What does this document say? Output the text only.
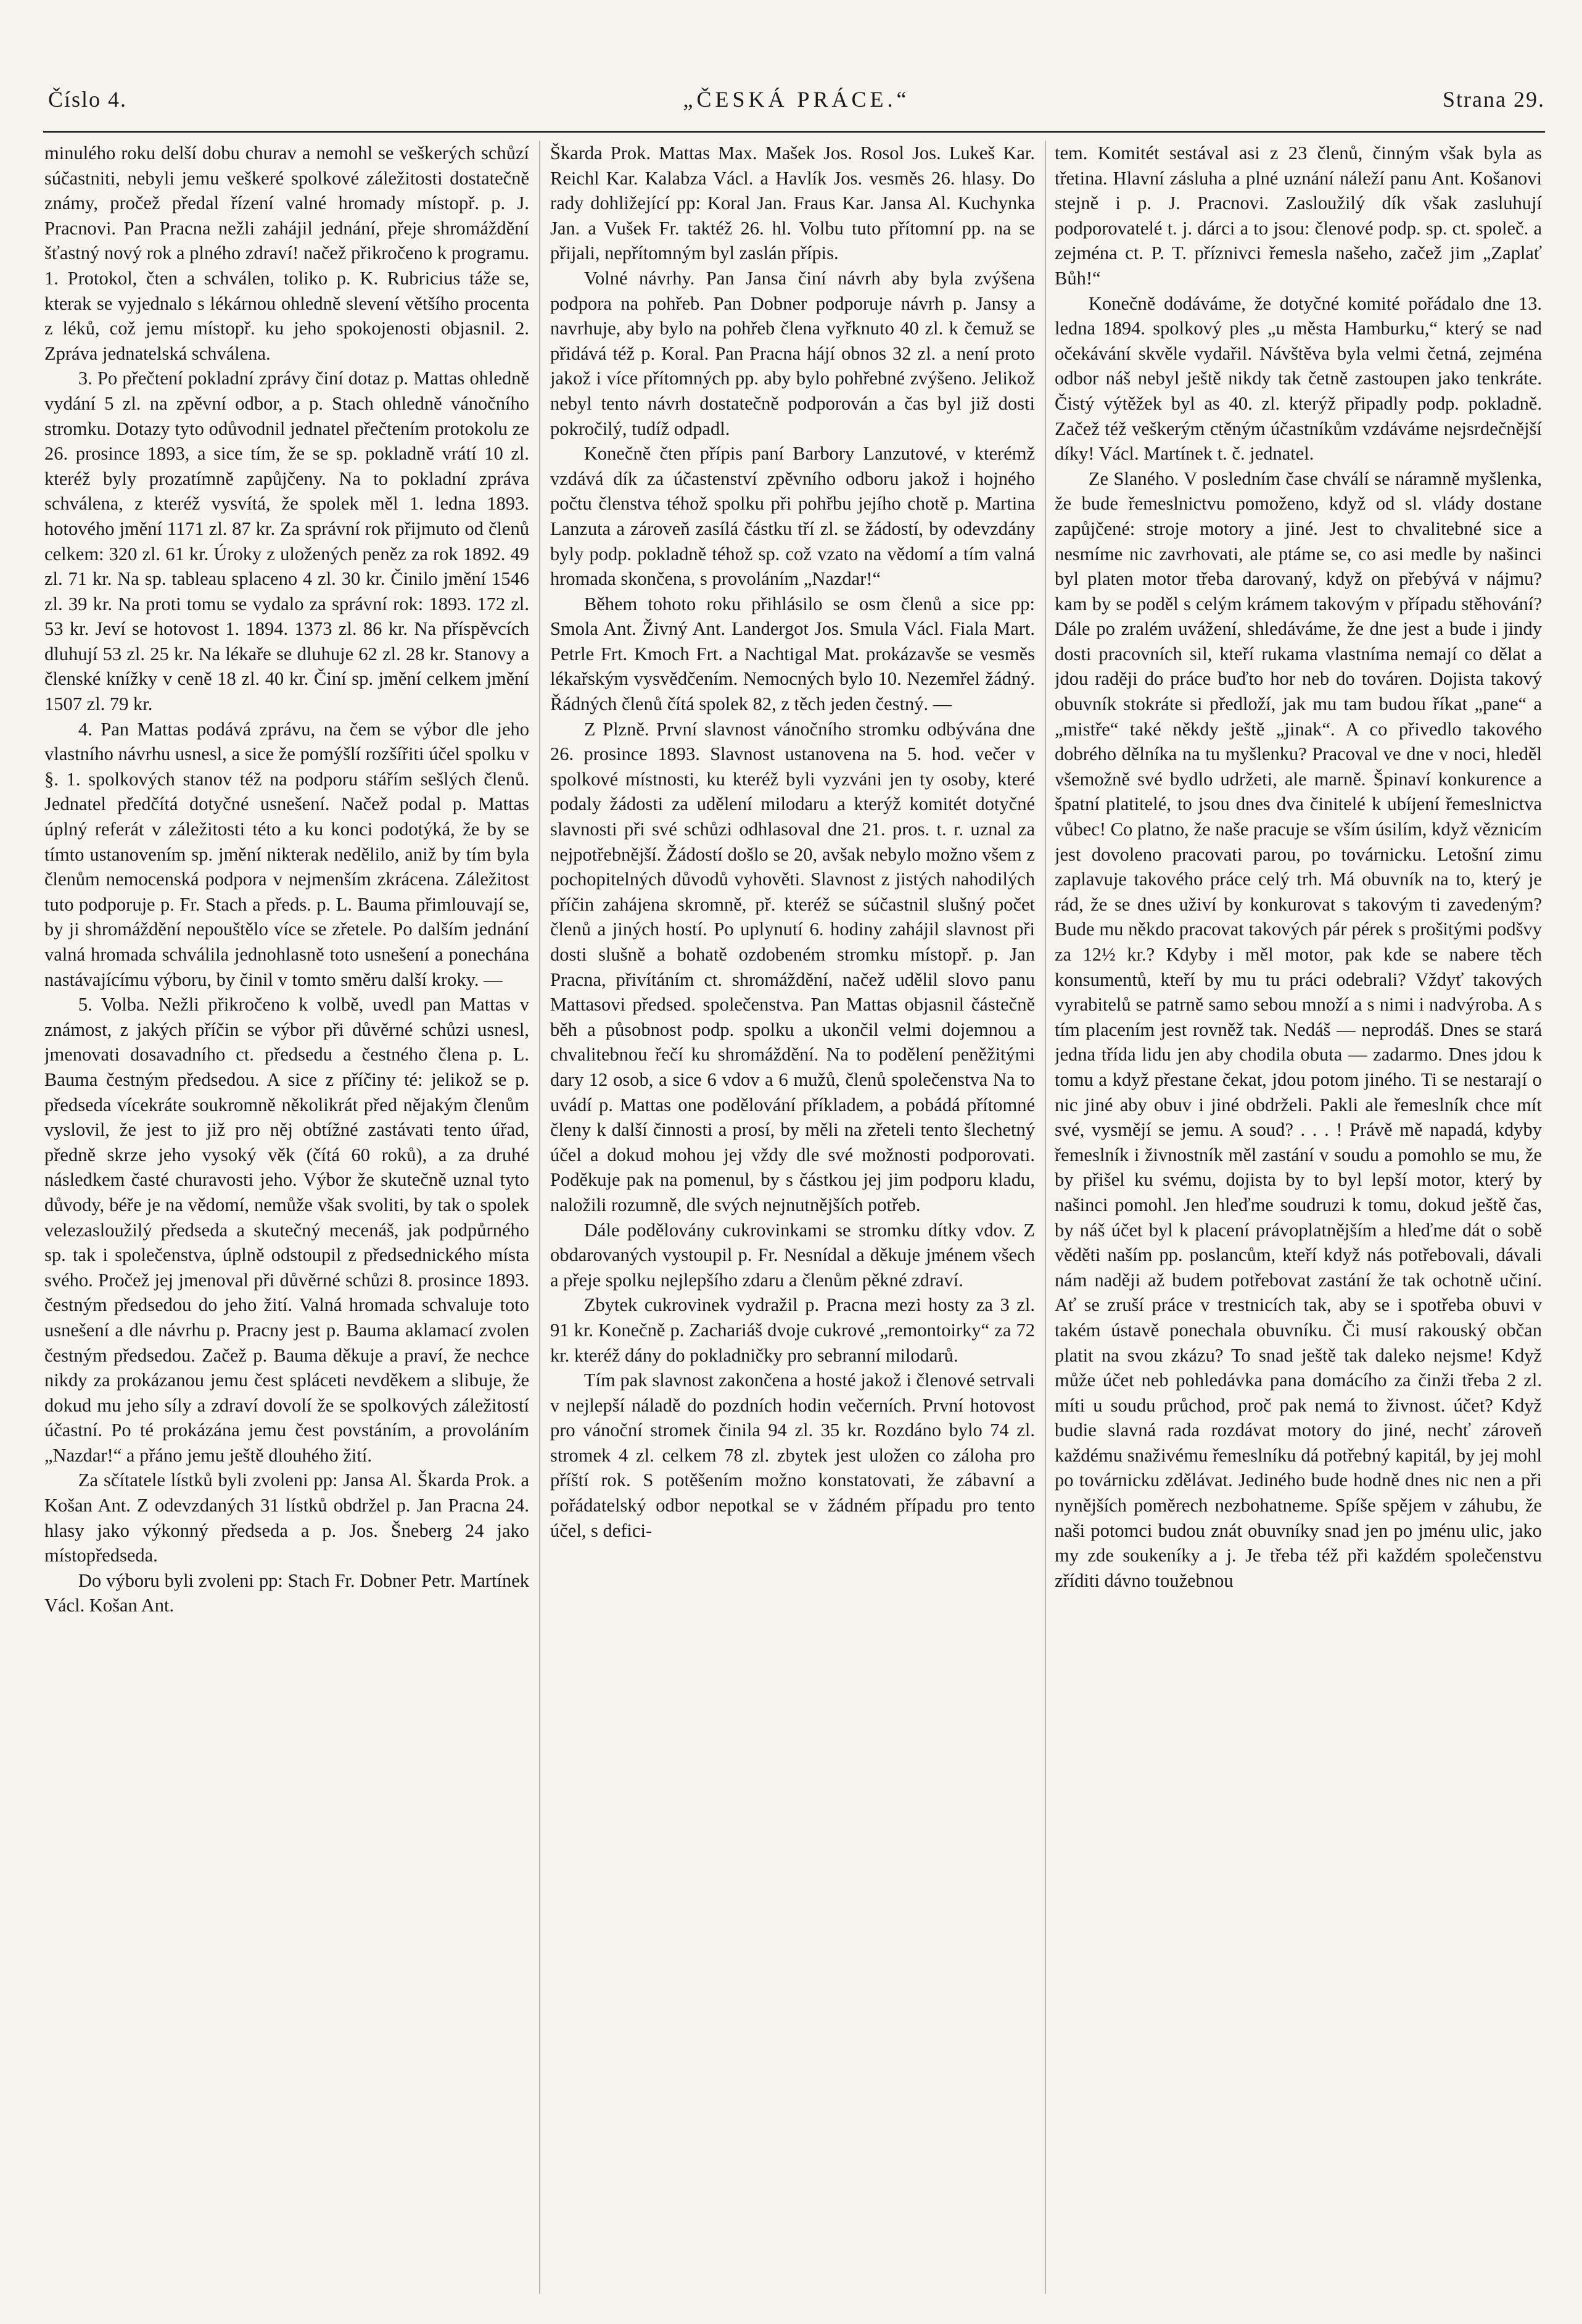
Číslo 4.	„ČESKÁ PRÁCE.“	Strana 29.

minulého roku delší dobu churav a nemohl se veškerých schůzí súčastniti, nebyli jemu veškeré spolkové záležitosti dostatečně známy, pročež předal řízení valné hromady místopř. p. J. Pracnovi. Pan Pracna nežli zahájil jednání, přeje shromáždění šťastný nový rok a plného zdraví! načež přikročeno k programu. 1. Protokol, čten a schválen, toliko p. K. Rubricius táže se, kterak se vyjednalo s lékárnou ohledně slevení většího procenta z léků, což jemu místopř. ku jeho spokojenosti objasnil. 2. Zpráva jednatelská schválena.

3. Po přečtení pokladní zprávy činí dotaz p. Mattas ohledně vydání 5 zl. na zpěvní odbor, a p. Stach ohledně vánočního stromku. Dotazy tyto odůvodnil jednatel přečtením protokolu ze 26. prosince 1893, a sice tím, že se sp. pokladně vrátí 10 zl. kteréž byly prozatímně zapůjčeny. Na to pokladní zpráva schválena, z kteréž vysvítá, že spolek měl 1. ledna 1893. hotového jmění 1171 zl. 87 kr. Za správní rok přijmuto od členů celkem: 320 zl. 61 kr. Úroky z uložených peněz za rok 1892. 49 zl. 71 kr. Na sp. tableau splaceno 4 zl. 30 kr. Činilo jmění 1546 zl. 39 kr. Na proti tomu se vydalo za správní rok: 1893. 172 zl. 53 kr. Jeví se hotovost 1. 1894. 1373 zl. 86 kr. Na příspěvcích dluhují 53 zl. 25 kr. Na lékaře se dluhuje 62 zl. 28 kr. Stanovy a členské knížky v ceně 18 zl. 40 kr. Činí sp. jmění celkem jmění 1507 zl. 79 kr.

4. Pan Mattas podává zprávu, na čem se výbor dle jeho vlastního návrhu usnesl, a sice že pomýšlí rozšířiti účel spolku v §. 1. spolkových stanov též na podporu stářím sešlých členů. Jednatel předčítá dotyčné usnešení. Načež podal p. Mattas úplný referát v záležitosti této a ku konci podotýká, že by se tímto ustanovením sp. jmění nikterak nedělilo, aniž by tím byla členům nemocenská podpora v nejmenším zkrácena. Záležitost tuto podporuje p. Fr. Stach a předs. p. L. Bauma přimlouvají se, by ji shromáždění nepouštělo více se zřetele. Po dalším jednání valná hromada schválila jednohlasně toto usnešení a ponechána nastávajícímu výboru, by činil v tomto směru další kroky. —

5. Volba. Nežli přikročeno k volbě, uvedl pan Mattas v známost, z jakých příčin se výbor při důvěrné schůzi usnesl, jmenovati dosavadního ct. předsedu a čestného člena p. L. Bauma čestným předsedou. A sice z příčiny té: jelikož se p. předseda vícekráte soukromně několikrát před nějakým členům vyslovil, že jest to již pro něj obtížné zastávati tento úřad, předně skrze jeho vysoký věk (čítá 60 roků), a za druhé následkem časté churavosti jeho. Výbor že skutečně uznal tyto důvody, béře je na vědomí, nemůže však svoliti, by tak o spolek velezasloužilý předseda a skutečný mecenáš, jak podpůrného sp. tak i společenstva, úplně odstoupil z předsednického místa svého. Pročež jej jmenoval při důvěrné schůzi 8. prosince 1893. čestným předsedou do jeho žití. Valná hromada schvaluje toto usnešení a dle návrhu p. Pracny jest p. Bauma aklamací zvolen čestným předsedou. Začež p. Bauma děkuje a praví, že nechce nikdy za prokázanou jemu čest spláceti nevděkem a slibuje, že dokud mu jeho síly a zdraví dovolí že se spolkových záležitostí účastní. Po té prokázána jemu čest povstáním, a provoláním „Nazdar!“ a přáno jemu ještě dlouhého žití.

Za sčítatele lístků byli zvoleni pp: Jansa Al. Škarda Prok. a Košan Ant. Z odevzdaných 31 lístků obdržel p. Jan Pracna 24. hlasy jako výkonný předseda a p. Jos. Šneberg 24 jako místopředseda.

Do výboru byli zvoleni pp: Stach Fr. Dobner Petr. Martínek Václ. Košan Ant.

Škarda Prok. Mattas Max. Mašek Jos. Rosol Jos. Lukeš Kar. Reichl Kar. Kalabza Václ. a Havlík Jos. vesměs 26. hlasy. Do rady dohližející pp: Koral Jan. Fraus Kar. Jansa Al. Kuchynka Jan. a Vušek Fr. taktéž 26. hl. Volbu tuto přítomní pp. na se přijali, nepřítomným byl zaslán přípis.

Volné návrhy. Pan Jansa činí návrh aby byla zvýšena podpora na pohřeb. Pan Dobner podporuje návrh p. Jansy a navrhuje, aby bylo na pohřeb člena vyřknuto 40 zl. k čemuž se přidává též p. Koral. Pan Pracna hájí obnos 32 zl. a není proto jakož i více přítomných pp. aby bylo pohřebné zvýšeno. Jelikož nebyl tento návrh dostatečně podporován a čas byl již dosti pokročilý, tudíž odpadl.

Konečně čten přípis paní Barbory Lanzutové, v kterémž vzdává dík za účastenství zpěvního odboru jakož i hojného počtu členstva téhož spolku při pohřbu jejího chotě p. Martina Lanzuta a zároveň zasílá částku tří zl. se žádostí, by odevzdány byly podp. pokladně téhož sp. což vzato na vědomí a tím valná hromada skončena, s provoláním „Nazdar!“

Během tohoto roku přihlásilo se osm členů a sice pp: Smola Ant. Živný Ant. Landergot Jos. Smula Václ. Fiala Mart. Petrle Frt. Kmoch Frt. a Nachtigal Mat. prokázavše se vesměs lékařským vysvědčením. Nemocných bylo 10. Nezemřel žádný. Řádných členů čítá spolek 82, z těch jeden čestný. —

Z Plzně. První slavnost vánočního stromku odbývána dne 26. prosince 1893. Slavnost ustanovena na 5. hod. večer v spolkové místnosti, ku kteréž byli vyzváni jen ty osoby, které podaly žádosti za udělení milodaru a kterýž komitét dotyčné slavnosti při své schůzi odhlasoval dne 21. pros. t. r. uznal za nejpotřebnější. Žádostí došlo se 20, avšak nebylo možno všem z pochopitelných důvodů vyhověti. Slavnost z jistých nahodilých příčin zahájena skromně, př. kteréž se súčastnil slušný počet členů a jiných hostí. Po uplynutí 6. hodiny zahájil slavnost při dosti slušně a bohatě ozdobeném stromku místopř. p. Jan Pracna, přivítáním ct. shromáždění, načež udělil slovo panu Mattasovi předsed. společenstva. Pan Mattas objasnil částečně běh a působnost podp. spolku a ukončil velmi dojemnou a chvalitebnou řečí ku shromáždění. Na to podělení peněžitými dary 12 osob, a sice 6 vdov a 6 mužů, členů společenstva Na to uvádí p. Mattas one podělování příkladem, a pobádá přítomné členy k další činnosti a prosí, by měli na zřeteli tento šlechetný účel a dokud mohou jej vždy dle své možnosti podporovati. Poděkuje pak na pomenul, by s částkou jej jim podporu kladu, naložili rozumně, dle svých nejnutnějších potřeb.

Dále podělovány cukrovinkami se stromku dítky vdov. Z obdarovaných vystoupil p. Fr. Nesnídal a děkuje jménem všech a přeje spolku nejlepšího zdaru a členům pěkné zdraví.

Zbytek cukrovinek vydražil p. Pracna mezi hosty za 3 zl. 91 kr. Konečně p. Zachariáš dvoje cukrové „remontoirky“ za 72 kr. kteréž dány do pokladničky pro sebranní milodarů.

Tím pak slavnost zakončena a hosté jakož i členové setrvali v nejlepší náladě do pozdních hodin večerních. První hotovost pro vánoční stromek činila 94 zl. 35 kr. Rozdáno bylo 74 zl. stromek 4 zl. celkem 78 zl. zbytek jest uložen co záloha pro příští rok. S potěšením možno konstatovati, že zábavní a pořádatelský odbor nepotkal se v žádném případu pro tento účel, s defici-

tem. Komitét sestával asi z 23 členů, činným však byla as třetina. Hlavní zásluha a plné uznání náleží panu Ant. Košanovi stejně i p. J. Pracnovi. Zasloužilý dík však zasluhují podporovatelé t. j. dárci a to jsou: členové podp. sp. ct. společ. a zejména ct. P. T. příznivci řemesla našeho, začež jim „Zaplať Bůh!“

Konečně dodáváme, že dotyčné komité pořádalo dne 13. ledna 1894. spolkový ples „u města Hamburku,“ který se nad očekávání skvěle vydařil. Návštěva byla velmi četná, zejména odbor náš nebyl ještě nikdy tak četně zastoupen jako tenkráte. Čistý výtěžek byl as 40. zl. kterýž připadly podp. pokladně. Začež též veškerým ctěným účastníkům vzdáváme nejsrdečnější díky! Václ. Martínek t. č. jednatel.

Ze Slaného. V posledním čase chválí se náramně myšlenka, že bude řemeslnictvu pomoženo, když od sl. vlády dostane zapůjčené: stroje motory a jiné. Jest to chvalitebné sice a nesmíme nic zavrhovati, ale ptáme se, co asi medle by našinci byl platen motor třeba darovaný, když on přebývá v nájmu? kam by se poděl s celým krámem takovým v případu stěhování? Dále po zralém uvážení, shledáváme, že dne jest a bude i jindy dosti pracovních sil, kteří rukama vlastníma nemají co dělat a jdou raději do práce buďto hor neb do továren. Dojista takový obuvník stokráte si předloží, jak mu tam budou říkat „pane“ a „mistře“ také někdy ještě „jinak“. A co přivedlo takového dobrého dělníka na tu myšlenku? Pracoval ve dne v noci, hleděl všemožně své bydlo udržeti, ale marně. Špinaví konkurence a špatní platitelé, to jsou dnes dva činitelé k ubíjení řemeslnictva vůbec! Co platno, že naše pracuje se vším úsilím, když věznicím jest dovoleno pracovati parou, po továrnicku. Letošní zimu zaplavuje takového práce celý trh. Má obuvník na to, který je rád, že se dnes uživí by konkurovat s takovým ti zavedeným? Bude mu někdo pracovat takových pár pérek s prošitými podšvy za 12½ kr.? Kdyby i měl motor, pak kde se nabere těch konsumentů, kteří by mu tu práci odebrali? Vždyť takových vyrabitelů se patrně samo sebou množí a s nimi i nadvýroba. A s tím placením jest rovněž tak. Nedáš — neprodáš. Dnes se stará jedna třída lidu jen aby chodila obuta — zadarmo. Dnes jdou k tomu a když přestane čekat, jdou potom jiného. Ti se nestarají o nic jiné aby obuv i jiné obdrželi. Pakli ale řemeslník chce mít své, vysmějí se jemu. A soud? . . . ! Právě mě napadá, kdyby řemeslník i živnostník měl zastání v soudu a pomohlo se mu, že by přišel ku svému, dojista by to byl lepší motor, který by našinci pomohl. Jen hleďme soudruzi k tomu, dokud ještě čas, by náš účet byl k placení právoplatnějším a hleďme dát o sobě věděti naším pp. poslancům, kteří když nás potřebovali, dávali nám naději až budem potřebovat zastání že tak ochotně učiní. Ať se zruší práce v trestnicích tak, aby se i spotřeba obuvi v takém ústavě ponechala obuvníku. Či musí rakouský občan platit na svou zkázu? To snad ještě tak daleko nejsme! Když může účet neb pohledávka pana domácího za činži třeba 2 zl. míti u soudu průchod, proč pak nemá to živnost. účet? Když budie slavná rada rozdávat motory do jiné, nechť zároveň každému snaživému řemeslníku dá potřebný kapitál, by jej mohl po továrnicku zdělávat. Jediného bude hodně dnes nic nen a při nynějších poměrech nezbohatneme. Spíše spějem v záhubu, že naši potomci budou znát obuvníky snad jen po jménu ulic, jako my zde soukeníky a j. Je třeba též při každém společenstvu zříditi dávno toužebnou
